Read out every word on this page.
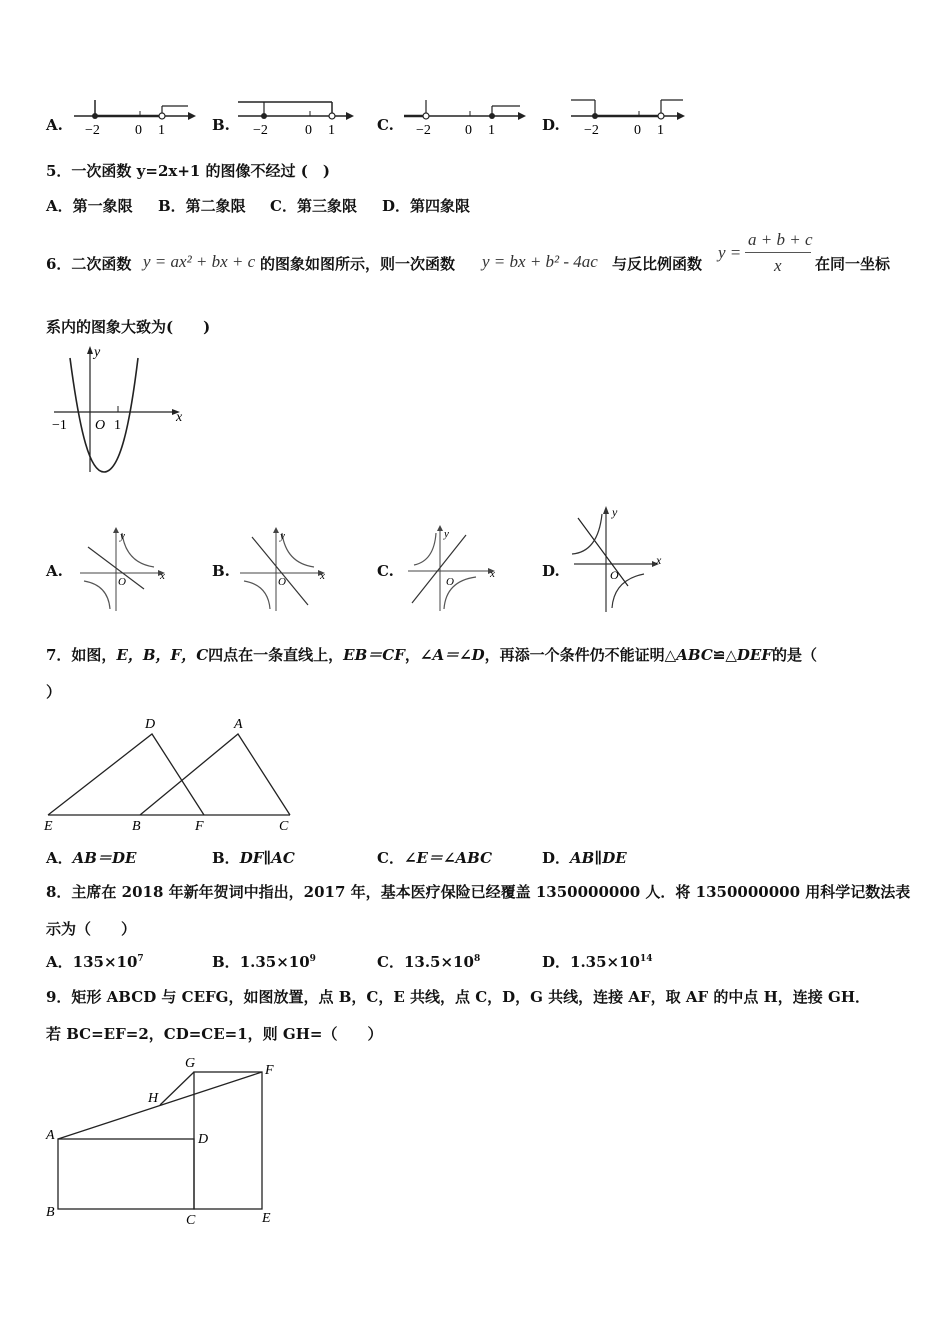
A. −2	0 1	B. −2	0 1	C. −2 0 1	D. −2	0 1
5．一次函数 y=2x+1 的图像不经过 (　)
A．第一象限 B．第二象限 C．第三象限 D．第四象限
6．二次函数 y = ax² + bx + c 的图象如图所示，则一次函数 y = bx + b² - 4ac 与反比例函数
y =
a + b + c
x 在同一坐标
系内的图象大致为(　　)
y
x
O
−1	1
A.
y
x
O
B.
y
x
O
C.
y
x
O
D.
y
x
O
7．如图，E，B，F，C四点在一条直线上，EB＝CF，∠A＝∠D，再添一个条件仍不能证明△ABC≌△DEF的是（
）
D	A
E	B	F	C
A．AB＝DE	B．DF∥AC	C．∠E＝∠ABC	D．AB∥DE
8．主席在 2018 年新年贺词中指出，2017 年，基本医疗保险已经覆盖 1350000000 人．将 1350000000 用科学记数法表
示为（　　）
A．$135\times 10^7$	B．$1.35\times 10^9$	C．$13.5\times 10^8$	D．$1.35\times 10^{14}$
9．矩形 ABCD 与 CEFG，如图放置，点 B，C，E 共线，点 C，D，G 共线，连接 AF，取 AF 的中点 H，连接 GH．
若 BC=EF=2，CD=CE=1，则 GH=（　　）
G	F
H
A	D
B
C	E
